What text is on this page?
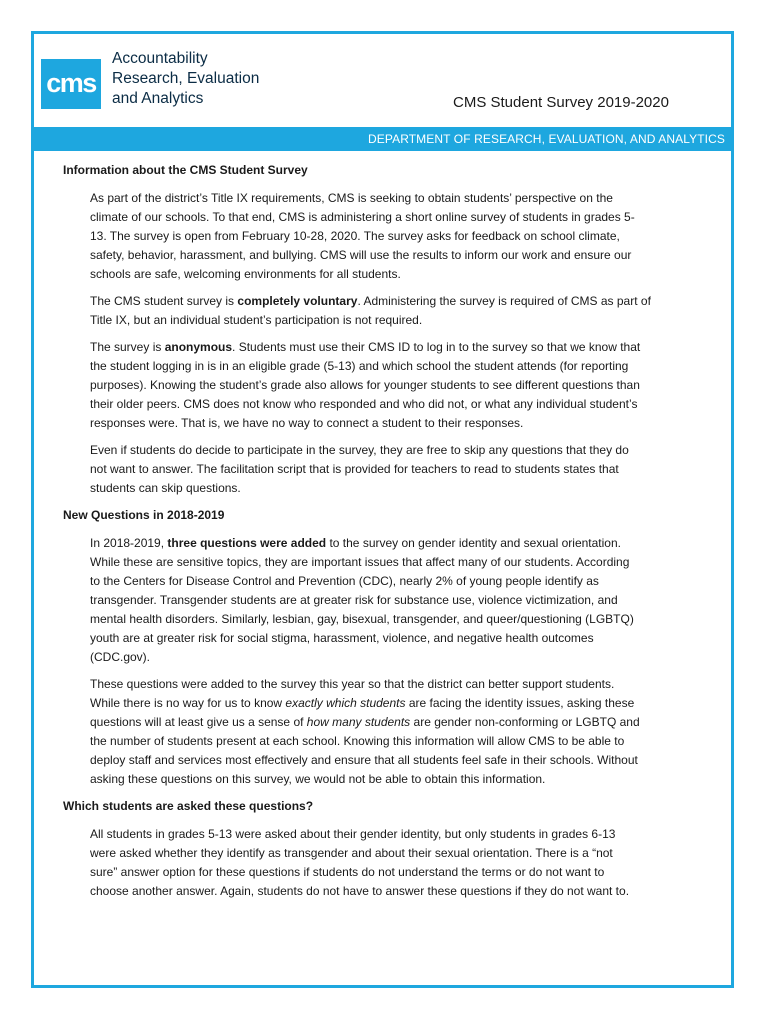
cms
Accountability
Research, Evaluation
and Analytics	CMS Student Survey 2019-2020
DEPARTMENT OF RESEARCH, EVALUATION, AND ANALYTICS
Information about the CMS Student Survey
As part of the district’s Title IX requirements, CMS is seeking to obtain students’ perspective on the
climate of our schools. To that end, CMS is administering a short online survey of students in grades 5-
13. The survey is open from February 10-28, 2020. The survey asks for feedback on school climate,
safety, behavior, harassment, and bullying. CMS will use the results to inform our work and ensure our
schools are safe, welcoming environments for all students.
The CMS student survey is completely voluntary. Administering the survey is required of CMS as part of
Title IX, but an individual student’s participation is not required.
The survey is anonymous. Students must use their CMS ID to log in to the survey so that we know that
the student logging in is in an eligible grade (5-13) and which school the student attends (for reporting
purposes). Knowing the student’s grade also allows for younger students to see different questions than
their older peers. CMS does not know who responded and who did not, or what any individual student’s
responses were. That is, we have no way to connect a student to their responses.
Even if students do decide to participate in the survey, they are free to skip any questions that they do
not want to answer. The facilitation script that is provided for teachers to read to students states that
students can skip questions.
New Questions in 2018-2019
In 2018-2019, three questions were added to the survey on gender identity and sexual orientation.
While these are sensitive topics, they are important issues that affect many of our students. According
to the Centers for Disease Control and Prevention (CDC), nearly 2% of young people identify as
transgender. Transgender students are at greater risk for substance use, violence victimization, and
mental health disorders. Similarly, lesbian, gay, bisexual, transgender, and queer/questioning (LGBTQ)
youth are at greater risk for social stigma, harassment, violence, and negative health outcomes
(CDC.gov).
These questions were added to the survey this year so that the district can better support students.
While there is no way for us to know exactly which students are facing the identity issues, asking these
questions will at least give us a sense of how many students are gender non-conforming or LGBTQ and
the number of students present at each school. Knowing this information will allow CMS to be able to
deploy staff and services most effectively and ensure that all students feel safe in their schools. Without
asking these questions on this survey, we would not be able to obtain this information.
Which students are asked these questions?
All students in grades 5-13 were asked about their gender identity, but only students in grades 6-13
were asked whether they identify as transgender and about their sexual orientation. There is a “not
sure” answer option for these questions if students do not understand the terms or do not want to
choose another answer. Again, students do not have to answer these questions if they do not want to.
